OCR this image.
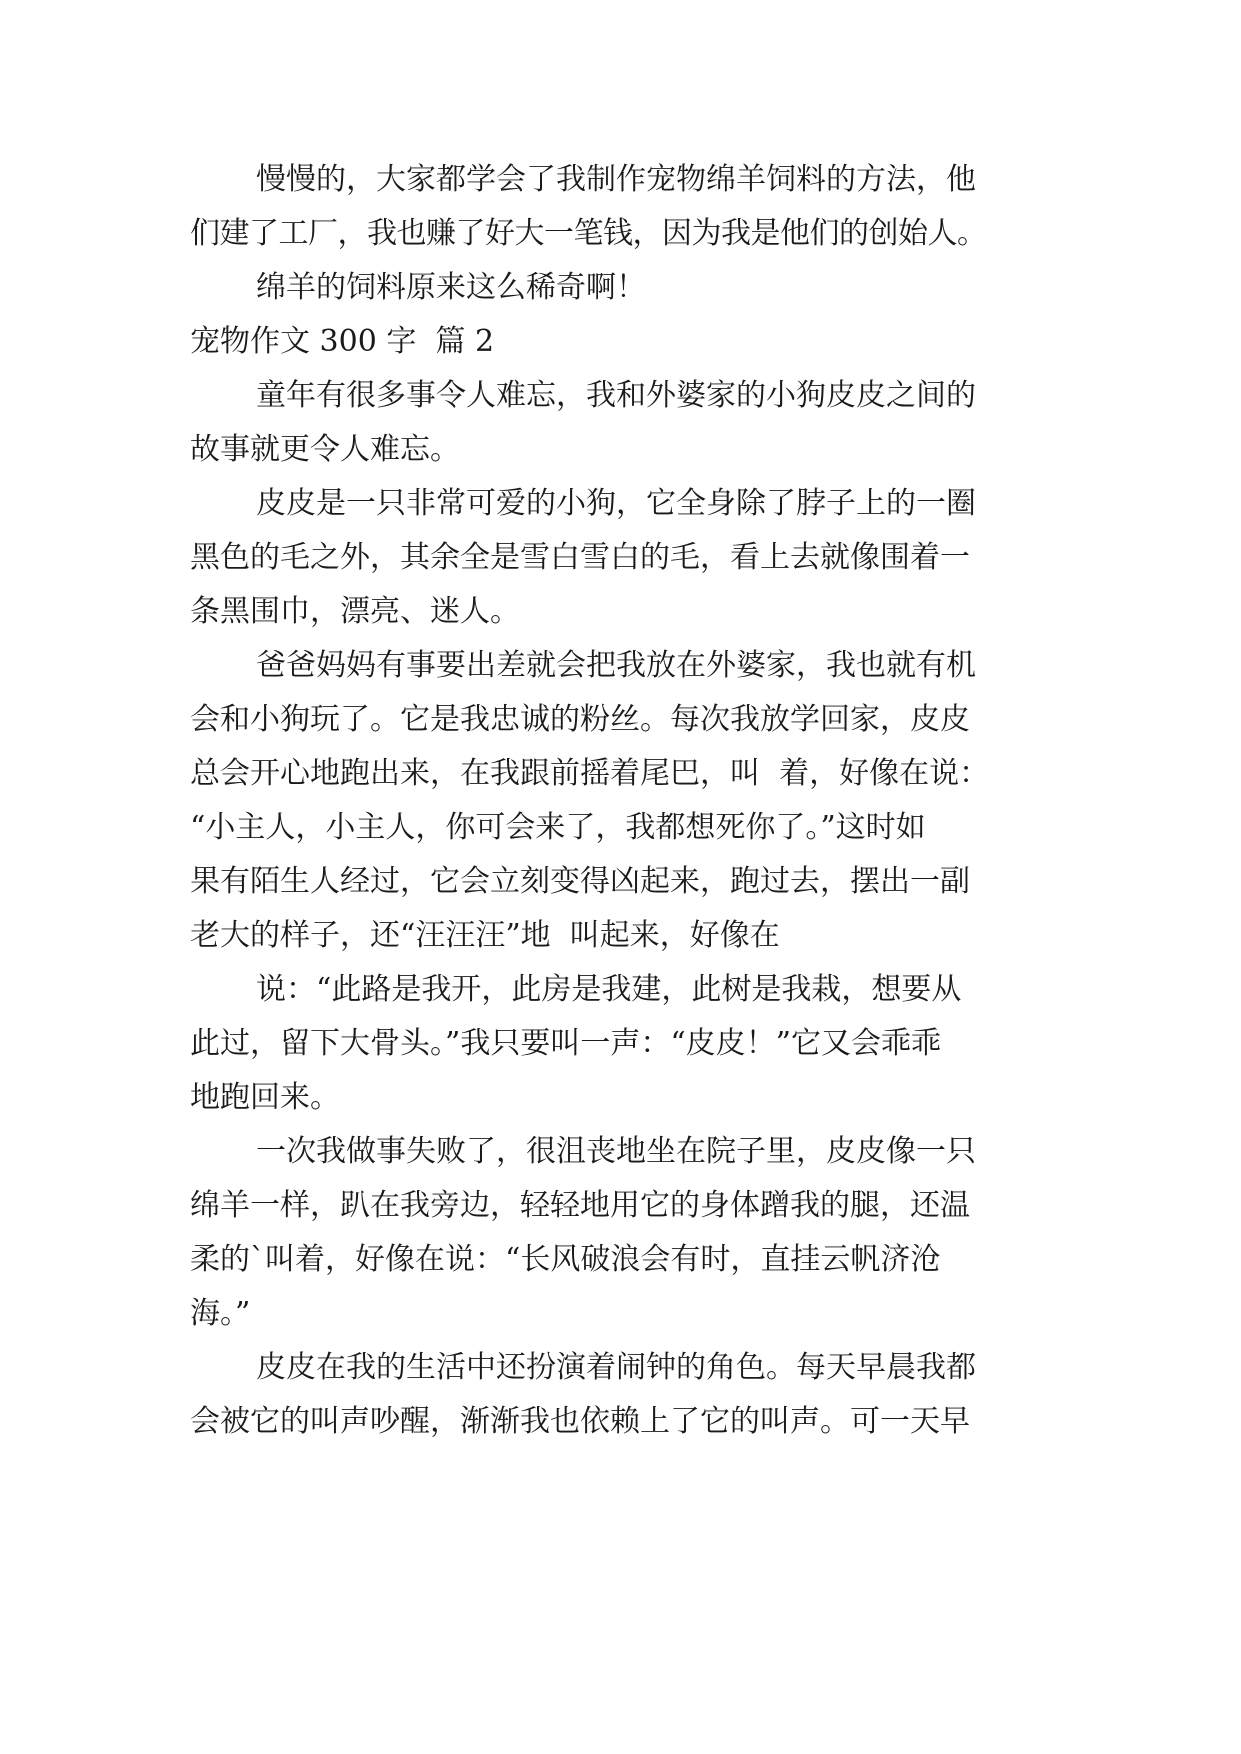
慢慢的，大家都学会了我制作宠物绵羊饲料的方法，他
们建了工厂，我也赚了好大一笔钱，因为我是他们的创始人。
绵羊的饲料原来这么稀奇啊！
宠物作文 300 字  篇 2
童年有很多事令人难忘，我和外婆家的小狗皮皮之间的
故事就更令人难忘。
皮皮是一只非常可爱的小狗，它全身除了脖子上的一圈
黑色的毛之外，其余全是雪白雪白的毛，看上去就像围着一
条黑围巾，漂亮、迷人。
爸爸妈妈有事要出差就会把我放在外婆家，我也就有机
会和小狗玩了。它是我忠诚的粉丝。每次我放学回家，皮皮
总会开心地跑出来，在我跟前摇着尾巴，叫  着，好像在说：
“小主人，小主人，你可会来了，我都想死你了。”这时如
果有陌生人经过，它会立刻变得凶起来，跑过去，摆出一副
老大的样子，还“汪汪汪”地  叫起来，好像在
说：“此路是我开，此房是我建，此树是我栽，想要从
此过，留下大骨头。”我只要叫一声：“皮皮！”它又会乖乖
地跑回来。
一次我做事失败了，很沮丧地坐在院子里，皮皮像一只
绵羊一样，趴在我旁边，轻轻地用它的身体蹭我的腿，还温
柔的`叫着，好像在说：“长风破浪会有时，直挂云帆济沧
海。”
皮皮在我的生活中还扮演着闹钟的角色。每天早晨我都
会被它的叫声吵醒，渐渐我也依赖上了它的叫声。可一天早
